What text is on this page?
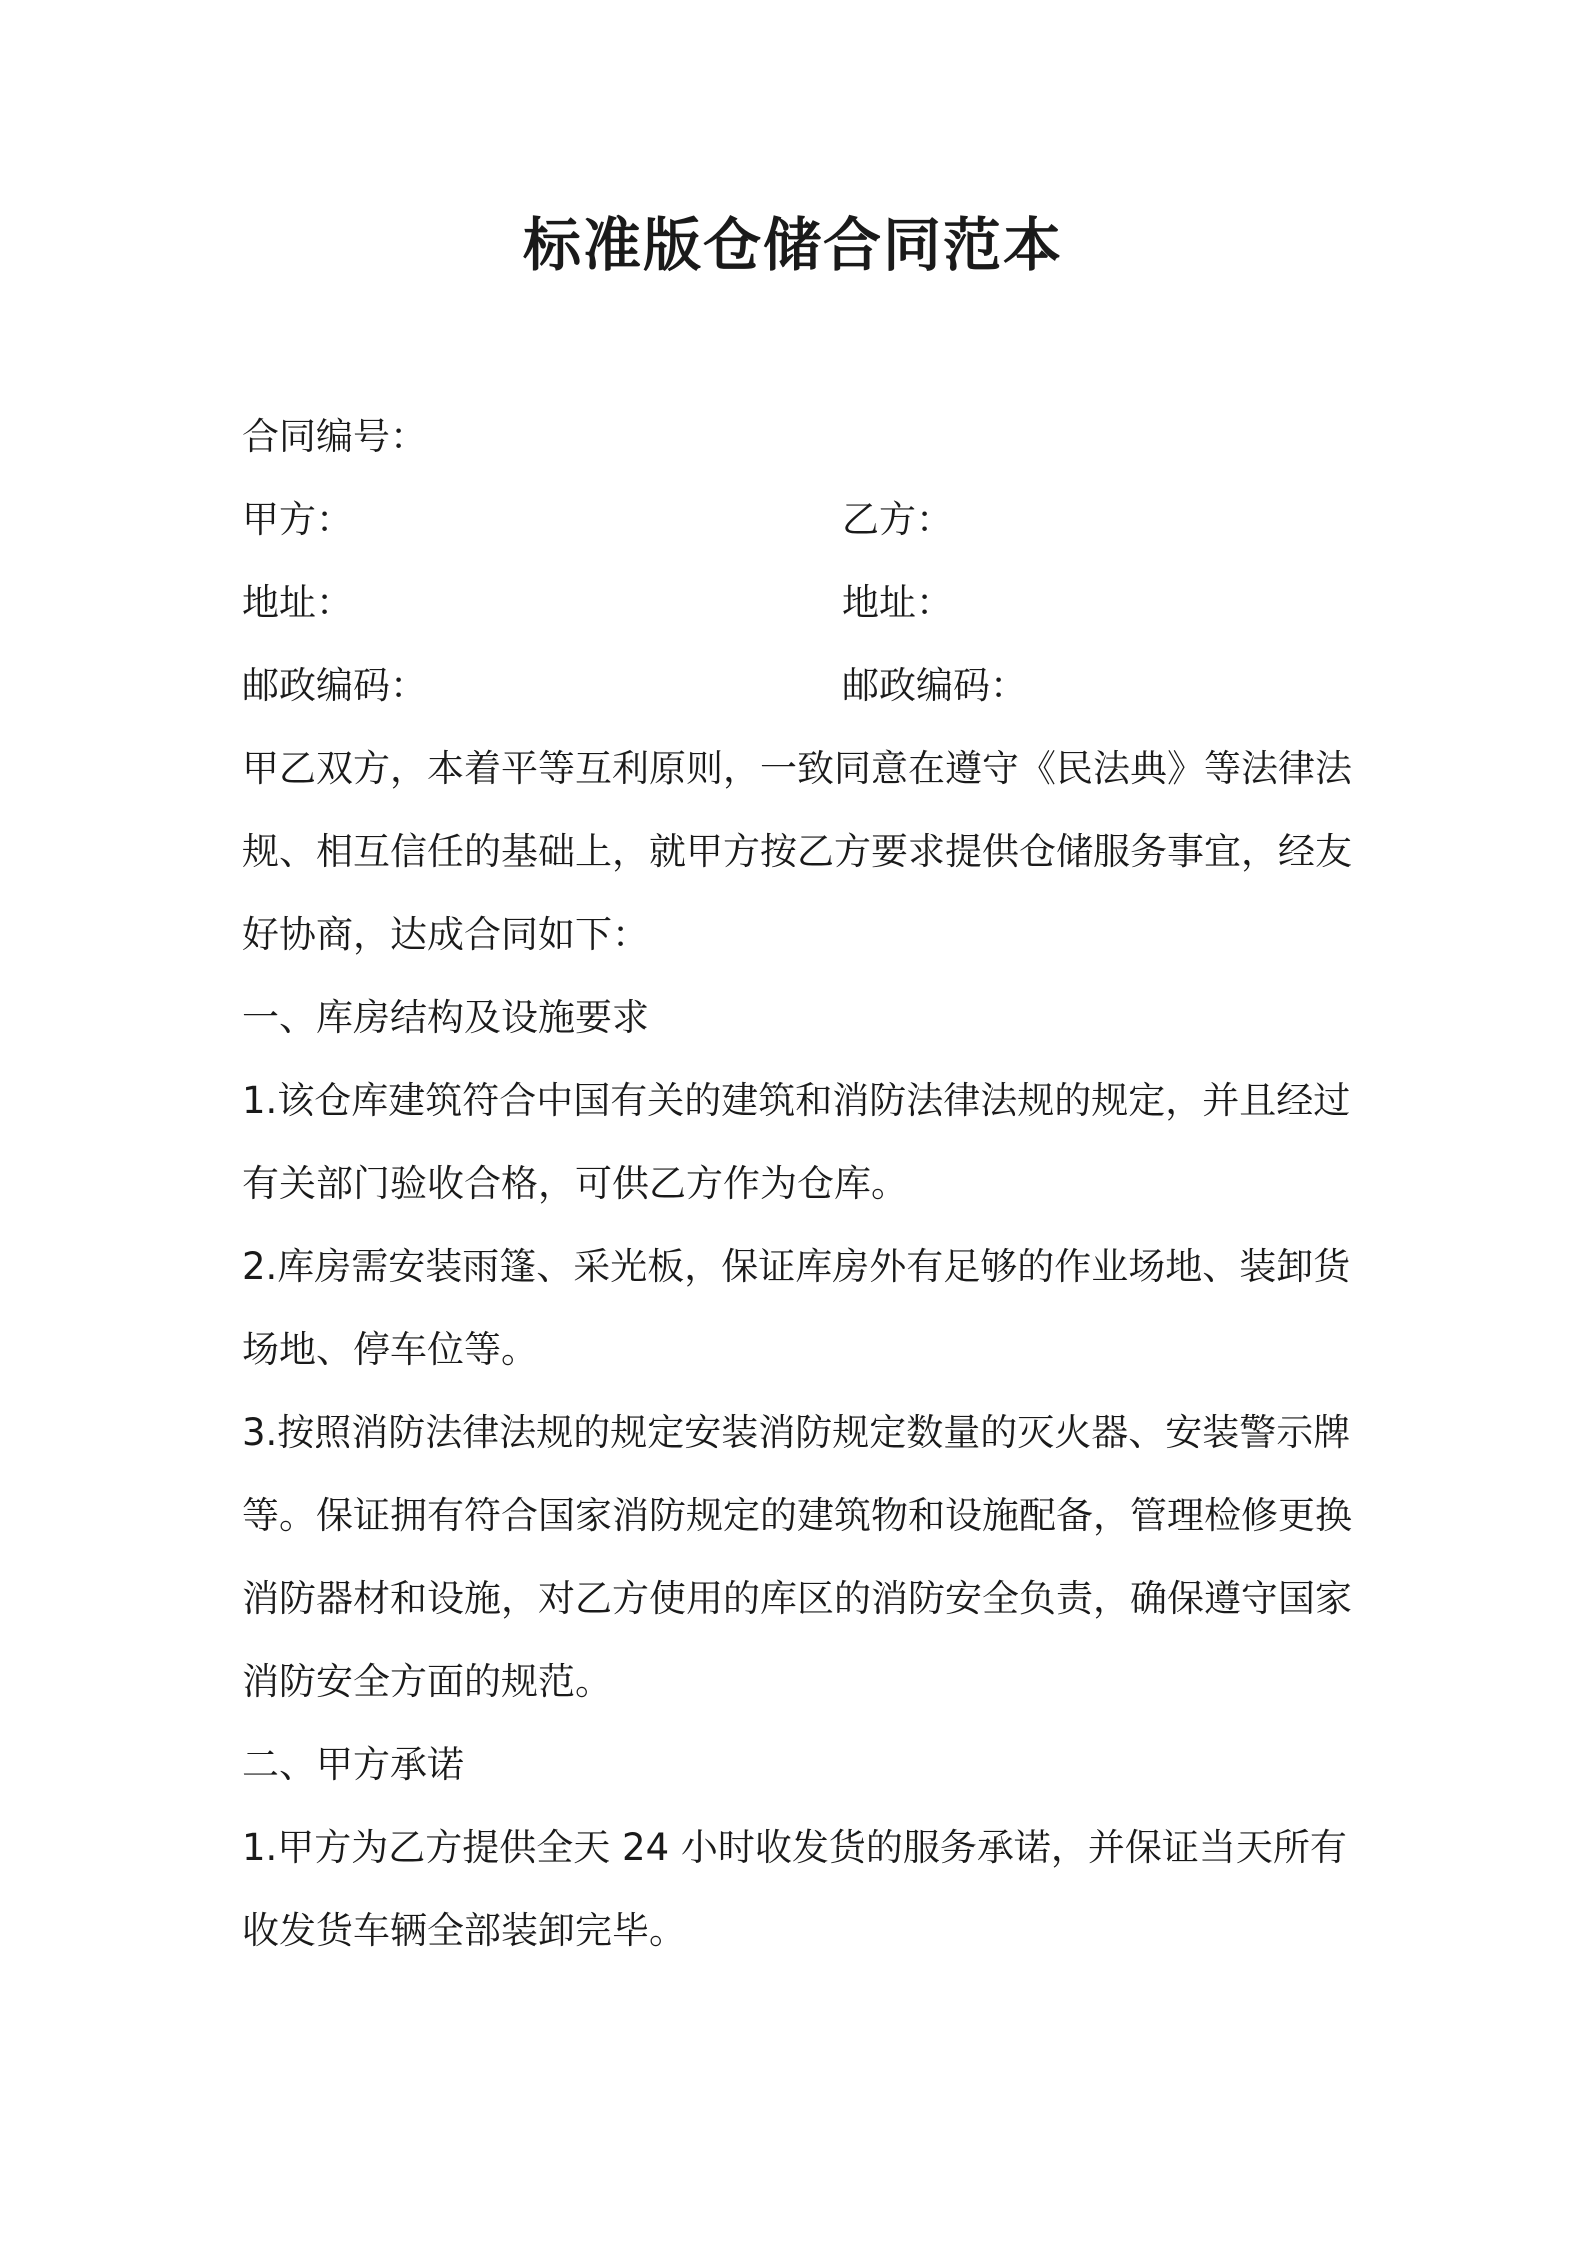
标准版仓储合同范本

合同编号：

甲方：	乙方：

地址：	地址：

邮政编码：	邮政编码：

甲乙双方，本着平等互利原则，一致同意在遵守《民法典》等法律法

规、相互信任的基础上，就甲方按乙方要求提供仓储服务事宜，经友

好协商，达成合同如下：

一、库房结构及设施要求

1.该仓库建筑符合中国有关的建筑和消防法律法规的规定，并且经过

有关部门验收合格，可供乙方作为仓库。

2.库房需安装雨篷、采光板，保证库房外有足够的作业场地、装卸货

场地、停车位等。

3.按照消防法律法规的规定安装消防规定数量的灭火器、安装警示牌

等。保证拥有符合国家消防规定的建筑物和设施配备，管理检修更换

消防器材和设施，对乙方使用的库区的消防安全负责，确保遵守国家

消防安全方面的规范。

二、甲方承诺

1.甲方为乙方提供全天 24 小时收发货的服务承诺，并保证当天所有

收发货车辆全部装卸完毕。
